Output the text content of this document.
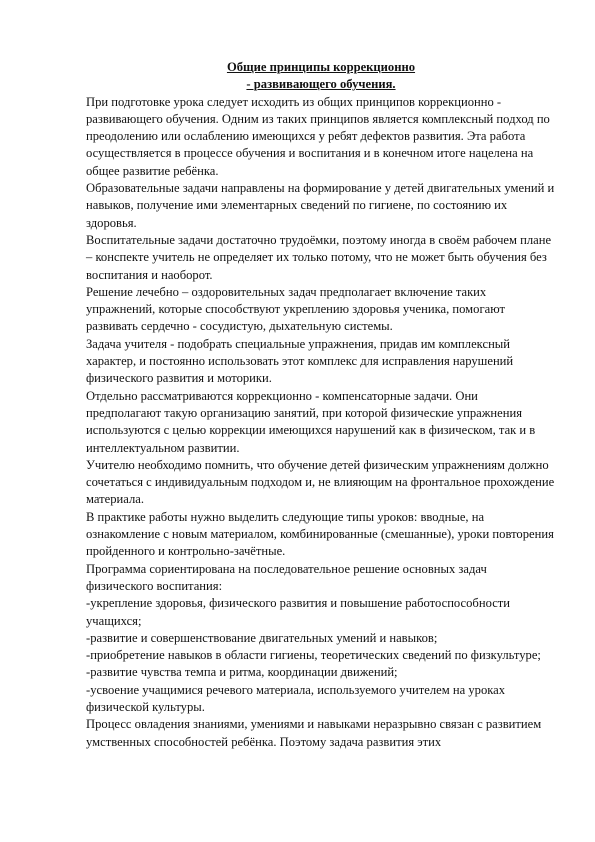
Общие принципы коррекционно

- развивающего обучения.

При подготовке урока следует исходить из общих принципов коррекционно - развивающего обучения. Одним из таких принципов является комплексный подход по преодолению или ослаблению имеющихся у ребят дефектов развития. Эта работа осуществляется в процессе обучения и воспитания и в конечном итоге нацелена на общее развитие ребёнка.

Образовательные задачи направлены на формирование у детей двигательных умений и навыков, получение ими элементарных сведений по гигиене, по состоянию их здоровья.

Воспитательные задачи достаточно трудоёмки, поэтому иногда в своём рабочем плане – конспекте учитель не определяет их только потому, что не может быть обучения без воспитания и наоборот.

Решение лечебно – оздоровительных задач предполагает включение таких упражнений, которые способствуют укреплению здоровья ученика, помогают развивать сердечно - сосудистую, дыхательную системы.

Задача учителя - подобрать специальные упражнения, придав им комплексный характер, и постоянно использовать этот комплекс для исправления нарушений физического развития и моторики.

Отдельно рассматриваются коррекционно - компенсаторные задачи. Они предполагают такую организацию занятий, при которой физические упражнения используются с целью коррекции имеющихся нарушений как в физическом, так и в интеллектуальном развитии.

Учителю необходимо помнить, что обучение детей физическим упражнениям должно сочетаться с индивидуальным подходом и, не влияющим на фронтальное прохождение материала.

В практике работы нужно выделить следующие типы уроков: вводные, на ознакомление с новым материалом, комбинированные (смешанные), уроки повторения пройденного и контрольно-зачётные.

Программа сориентирована на последовательное решение основных задач физического воспитания:

-укрепление здоровья, физического развития и повышение работоспособности учащихся;

-развитие и совершенствование двигательных умений и навыков;

-приобретение навыков в области гигиены, теоретических сведений по физкультуре;

-развитие чувства темпа и ритма, координации движений;

-усвоение учащимися речевого материала, используемого учителем на уроках физической культуры.

Процесс овладения знаниями, умениями и навыками неразрывно связан с развитием умственных способностей ребёнка. Поэтому задача развития этих
